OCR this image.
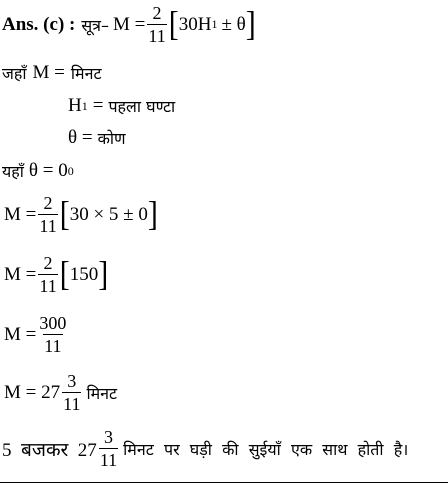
Ans. (c) : सूत्र– $M = \frac{2}{11}$ [ 30H 1 ± θ ]
जहाँ M = मिनट
H 1 = पहला घण्टा
θ = कोण
यहाँ θ = 0 0
$M = \frac{2}{11}$ [ 30 × 5 ± 0 ]
$M = \frac{2}{11}$ [ 150 ]
$M = \frac{300}{11}$
$M = 27 \frac{3}{11}$ मिनट
5  बजकर  $27 \frac{3}{11}$ मिनट  पर  घड़ी  की  सुईयाँ  एक  साथ  होती  है।
